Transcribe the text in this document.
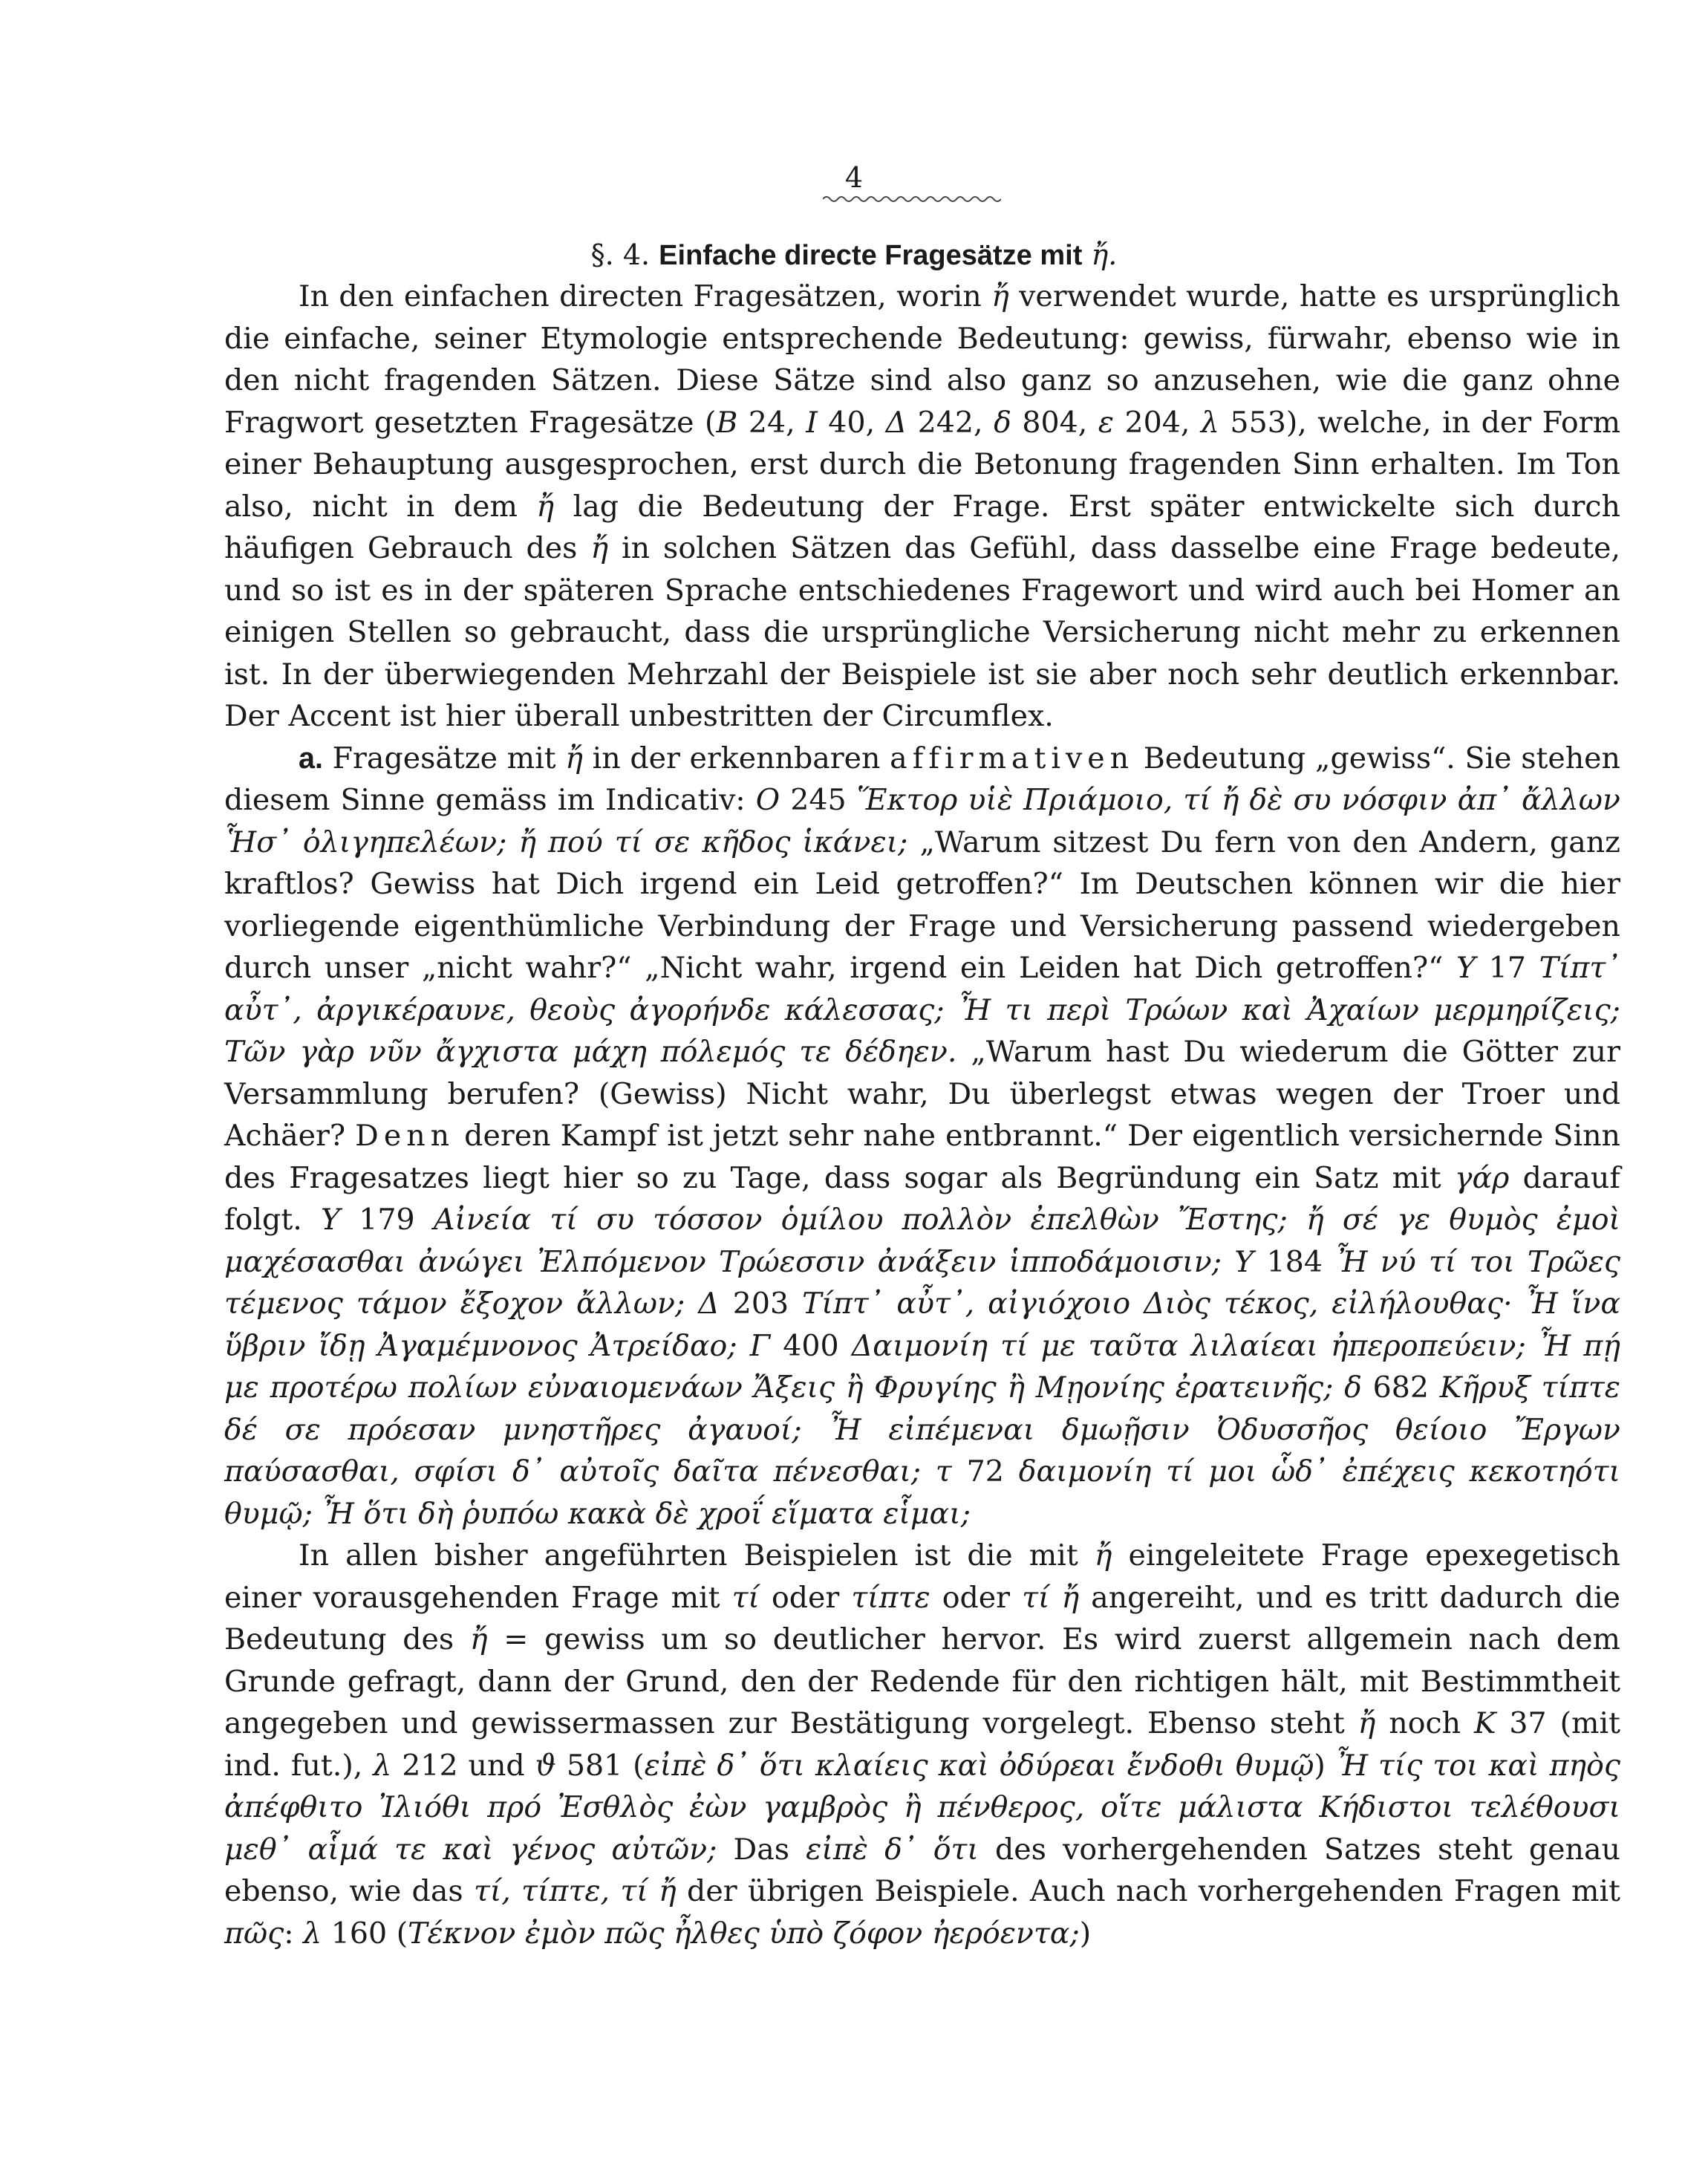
4
§. 4. Einfache directe Fragesätze mit ἤ.

In den einfachen directen Fragesätzen, worin ἤ verwendet wurde, hatte es ursprünglich die einfache, seiner Etymologie entsprechende Bedeutung: gewiss, fürwahr, ebenso wie in den nicht fragenden Sätzen. Diese Sätze sind also ganz so anzusehen, wie die ganz ohne Fragwort gesetzten Fragesätze (B 24, I 40, Δ 242, δ 804, ε 204, λ 553), welche, in der Form einer Behauptung ausgesprochen, erst durch die Betonung fragenden Sinn erhalten. Im Ton also, nicht in dem ἤ lag die Bedeutung der Frage. Erst später entwickelte sich durch häufigen Gebrauch des ἤ in solchen Sätzen das Gefühl, dass dasselbe eine Frage bedeute, und so ist es in der späteren Sprache entschiedenes Fragewort und wird auch bei Homer an einigen Stellen so gebraucht, dass die ursprüngliche Versicherung nicht mehr zu erkennen ist. In der überwiegenden Mehrzahl der Beispiele ist sie aber noch sehr deutlich erkennbar. Der Accent ist hier überall unbestritten der Circumflex.

a. Fragesätze mit ἤ in der erkennbaren affirmativen Bedeutung „gewiss“. Sie stehen diesem Sinne gemäss im Indicativ: O 245 Ἕκτορ υἱὲ Πριάμοιο, τί ἤ δὲ συ νόσφιν ἀπ᾽ ἄλλων Ἧσ᾽ ὀλιγηπελέων; ἤ πού τί σε κῆδος ἱκάνει; „Warum sitzest Du fern von den Andern, ganz kraftlos? Gewiss hat Dich irgend ein Leid getroffen?“ Im Deutschen können wir die hier vorliegende eigenthümliche Verbindung der Frage und Versicherung passend wiedergeben durch unser „nicht wahr?“ „Nicht wahr, irgend ein Leiden hat Dich getroffen?“ Y 17 Τίπτ᾽ αὖτ᾽, ἀργικέραυνε, θεοὺς ἀγορήνδε κάλεσσας; Ἦ τι περὶ Τρώων καὶ Ἀχαίων μερμηρίζεις; Τῶν γὰρ νῦν ἄγχιστα μάχη πόλεμός τε δέδηεν. „Warum hast Du wiederum die Götter zur Versammlung berufen? (Gewiss) Nicht wahr, Du überlegst etwas wegen der Troer und Achäer? Denn deren Kampf ist jetzt sehr nahe entbrannt.“ Der eigentlich versichernde Sinn des Fragesatzes liegt hier so zu Tage, dass sogar als Begründung ein Satz mit γάρ darauf folgt. Y 179 Αἰνεία τί συ τόσσον ὁμίλου πολλὸν ἐπελθὼν Ἔστης; ἤ σέ γε θυμὸς ἐμοὶ μαχέσασθαι ἀνώγει Ἐλπόμενον Τρώεσσιν ἀνάξειν ἱπποδάμοισιν; Y 184 Ἦ νύ τί τοι Τρῶες τέμενος τάμον ἔξοχον ἄλλων; Δ 203 Τίπτ᾽ αὖτ᾽, αἰγιόχοιο Διὸς τέκος, εἰλήλουθας· Ἦ ἵνα ὕβριν ἴδῃ Ἀγαμέμνονος Ἀτρείδαο; Γ 400 Δαιμονίη τί με ταῦτα λιλαίεαι ἠπεροπεύειν; Ἦ πῄ με προτέρω πολίων εὐναιομενάων Ἄξεις ἢ Φρυγίης ἢ Μῃονίης ἐρατεινῆς; δ 682 Κῆρυξ τίπτε δέ σε πρόεσαν μνηστῆρες ἀγαυοί; Ἦ εἰπέμεναι δμωῇσιν Ὀδυσσῆος θείοιο Ἔργων παύσασθαι, σφίσι δ᾽ αὐτοῖς δαῖτα πένεσθαι; τ 72 δαιμονίη τί μοι ὧδ᾽ ἐπέχεις κεκοτηότι θυμῷ; Ἦ ὅτι δὴ ῥυπόω κακὰ δὲ χροΐ εἵματα εἷμαι;

In allen bisher angeführten Beispielen ist die mit ἤ eingeleitete Frage epexegetisch einer vorausgehenden Frage mit τί oder τίπτε oder τί ἤ angereiht, und es tritt dadurch die Bedeutung des ἤ = gewiss um so deutlicher hervor. Es wird zuerst allgemein nach dem Grunde gefragt, dann der Grund, den der Redende für den richtigen hält, mit Bestimmtheit angegeben und gewissermassen zur Bestätigung vorgelegt. Ebenso steht ἤ noch K 37 (mit ind. fut.), λ 212 und ϑ 581 (εἰπὲ δ᾽ ὅτι κλαίεις καὶ ὀδύρεαι ἔνδοθι θυμῷ) Ἦ τίς τοι καὶ πηὸς ἀπέφθιτο Ἰλιόθι πρό Ἐσθλὸς ἐὼν γαμβρὸς ἢ πένθερος, οἵτε μάλιστα Κήδιστοι τελέθουσι μεθ᾽ αἷμά τε καὶ γένος αὐτῶν; Das εἰπὲ δ᾽ ὅτι des vorhergehenden Satzes steht genau ebenso, wie das τί, τίπτε, τί ἤ der übrigen Beispiele. Auch nach vorhergehenden Fragen mit πῶς: λ 160 (Τέκνον ἐμὸν πῶς ἦλθες ὑπὸ ζόφον ἠερόεντα;)
